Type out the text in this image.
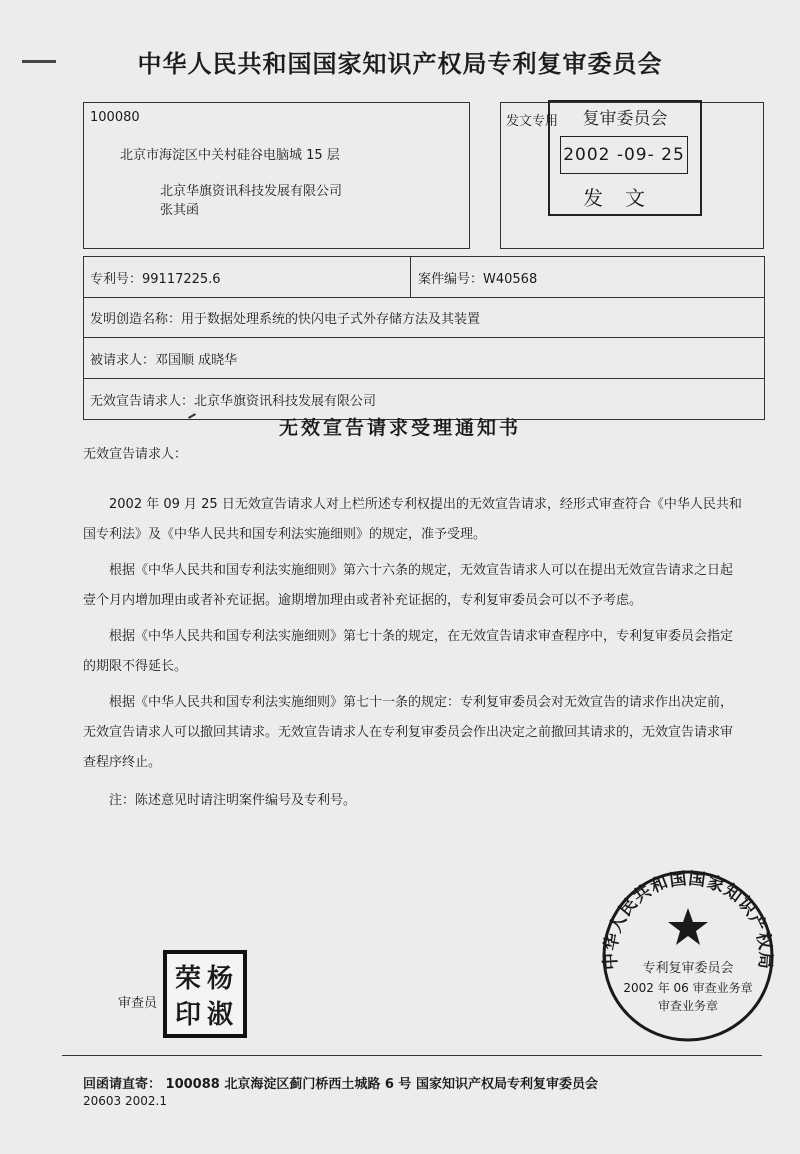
中华人民共和国国家知识产权局专利复审委员会
100080
北京市海淀区中关村硅谷电脑城 15 层
北京华旗资讯科技发展有限公司
张其函
发文专用	复审委员会
2002 -09- 25
发文
专利号：99117225.6	案件编号：W40568
发明创造名称：用于数据处理系统的快闪电子式外存储方法及其装置
被请求人：邓国顺 成晓华
无效宣告请求人：北京华旗资讯科技发展有限公司
无效宣告请求受理通知书
无效宣告请求人：

2002 年 09 月 25 日无效宣告请求人对上栏所述专利权提出的无效宣告请求，经形式审查符合《中华人民共和国专利法》及《中华人民共和国专利法实施细则》的规定，准予受理。

根据《中华人民共和国专利法实施细则》第六十六条的规定，无效宣告请求人可以在提出无效宣告请求之日起壹个月内增加理由或者补充证据。逾期增加理由或者补充证据的，专利复审委员会可以不予考虑。

根据《中华人民共和国专利法实施细则》第七十条的规定，在无效宣告请求审查程序中，专利复审委员会指定的期限不得延长。

根据《中华人民共和国专利法实施细则》第七十一条的规定：专利复审委员会对无效宣告的请求作出决定前，无效宣告请求人可以撤回其请求。无效宣告请求人在专利复审委员会作出决定之前撤回其请求的，无效宣告请求审查程序终止。

注：陈述意见时请注明案件编号及专利号。

审查员
荣 杨
印 淑
中华人民共和国国家知识产权局
专利复审委员会
2002 年 06 审查业务章
审查业务章
回函请直寄： 100088 北京海淀区蓟门桥西土城路 6 号 国家知识产权局专利复审委员会
20603 2002.1
